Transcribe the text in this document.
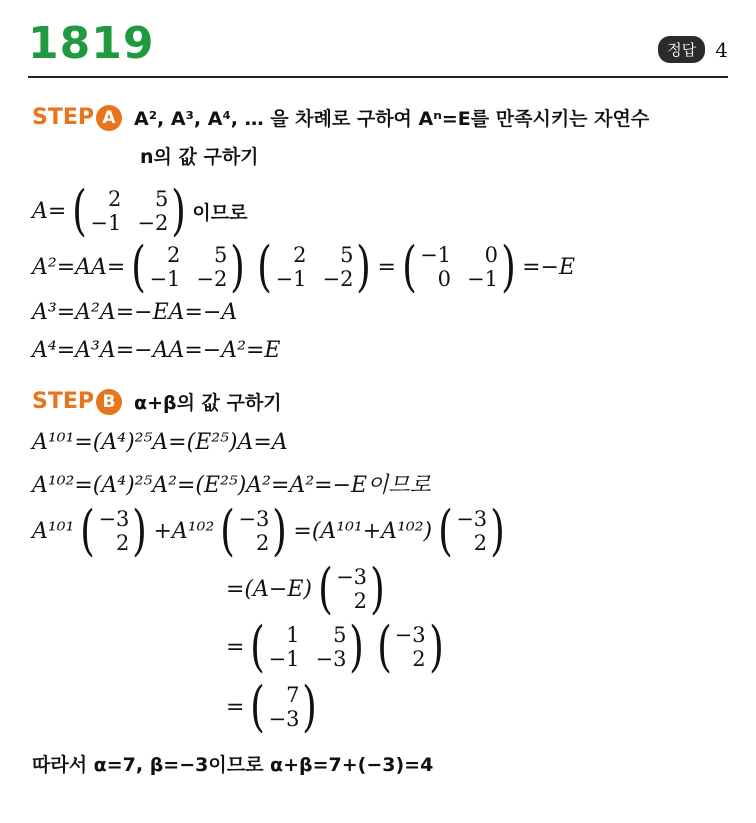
1819	정답 4
STEP A A², A³, A⁴, … 을 차례로 구하여 Aⁿ=E를 만족시키는 자연수
n의 값 구하기
A= ( 2	5
−1 −2 ) 이므로
A²=AA= ( 2	5
−1 −2 ) ( 2	5
−1 −2 ) = ( −1	0
0 −1 ) =−E
A³=A²A=−EA=−A
A⁴=A³A=−AA=−A²=E
STEP B α+β의 값 구하기
A¹⁰¹=(A⁴)²⁵A=(E²⁵)A=A
A¹⁰²=(A⁴)²⁵A²=(E²⁵)A²=A²=−E이므로
A¹⁰¹ ( −3
2 ) +A¹⁰² ( −3
2 ) =(A¹⁰¹+A¹⁰²) ( −3
2 )
=(A−E) ( −3
2 )
= ( 1	5
−1 −3 ) ( −3
2 )
= ( 7
−3 )
따라서 α=7, β=−3이므로 α+β=7+(−3)=4
